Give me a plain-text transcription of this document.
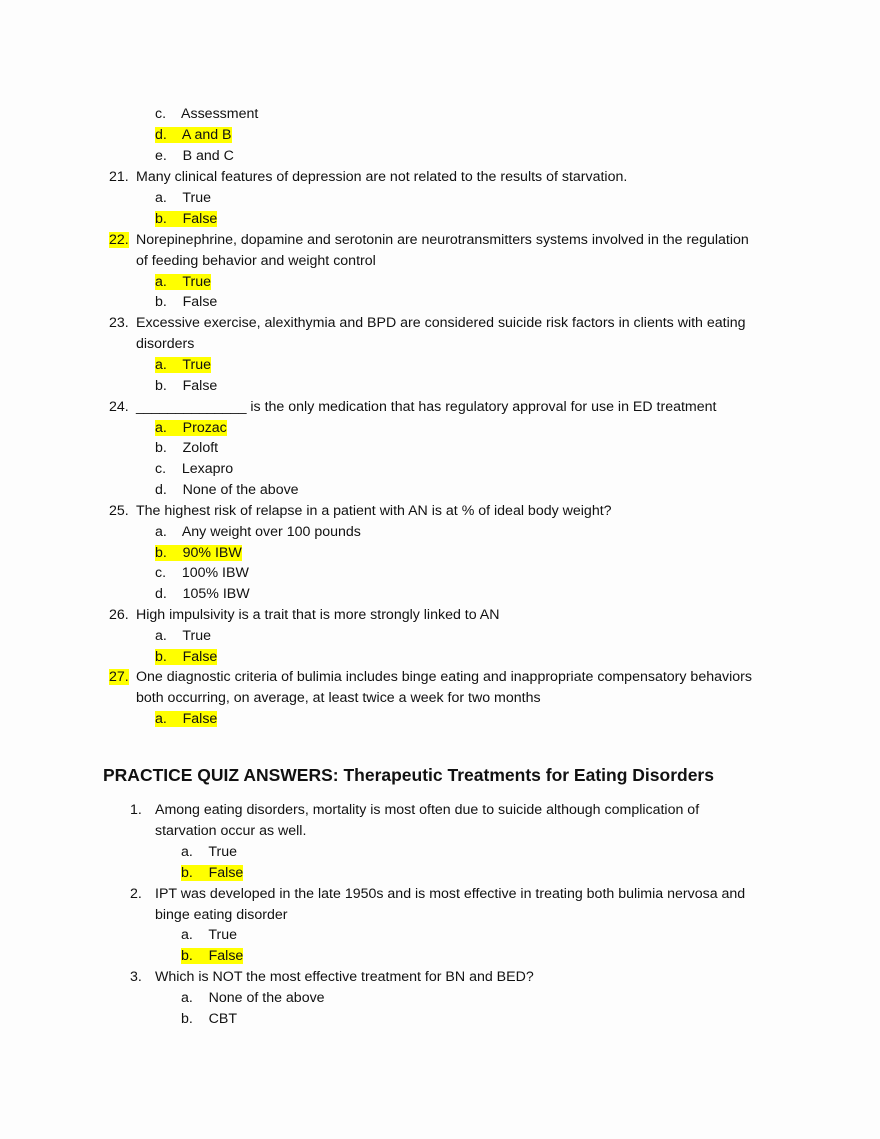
c. Assessment
d. A and B
e. B and C
21. Many clinical features of depression are not related to the results of starvation.
a. True
b. False
22. Norepinephrine, dopamine and serotonin are neurotransmitters systems involved in the regulation
of feeding behavior and weight control
a. True
b. False
23. Excessive exercise, alexithymia and BPD are considered suicide risk factors in clients with eating
disorders
a. True
b. False
24. ______________ is the only medication that has regulatory approval for use in ED treatment
a. Prozac
b. Zoloft
c. Lexapro
d. None of the above
25. The highest risk of relapse in a patient with AN is at % of ideal body weight?
a. Any weight over 100 pounds
b. 90% IBW
c. 100% IBW
d. 105% IBW
26. High impulsivity is a trait that is more strongly linked to AN
a. True
b. False
27. One diagnostic criteria of bulimia includes binge eating and inappropriate compensatory behaviors
both occurring, on average, at least twice a week for two months
a. False
PRACTICE QUIZ ANSWERS: Therapeutic Treatments for Eating Disorders
1. Among eating disorders, mortality is most often due to suicide although complication of
starvation occur as well.
a. True
b. False
2. IPT was developed in the late 1950s and is most effective in treating both bulimia nervosa and
binge eating disorder
a. True
b. False
3. Which is NOT the most effective treatment for BN and BED?
a. None of the above
b. CBT
